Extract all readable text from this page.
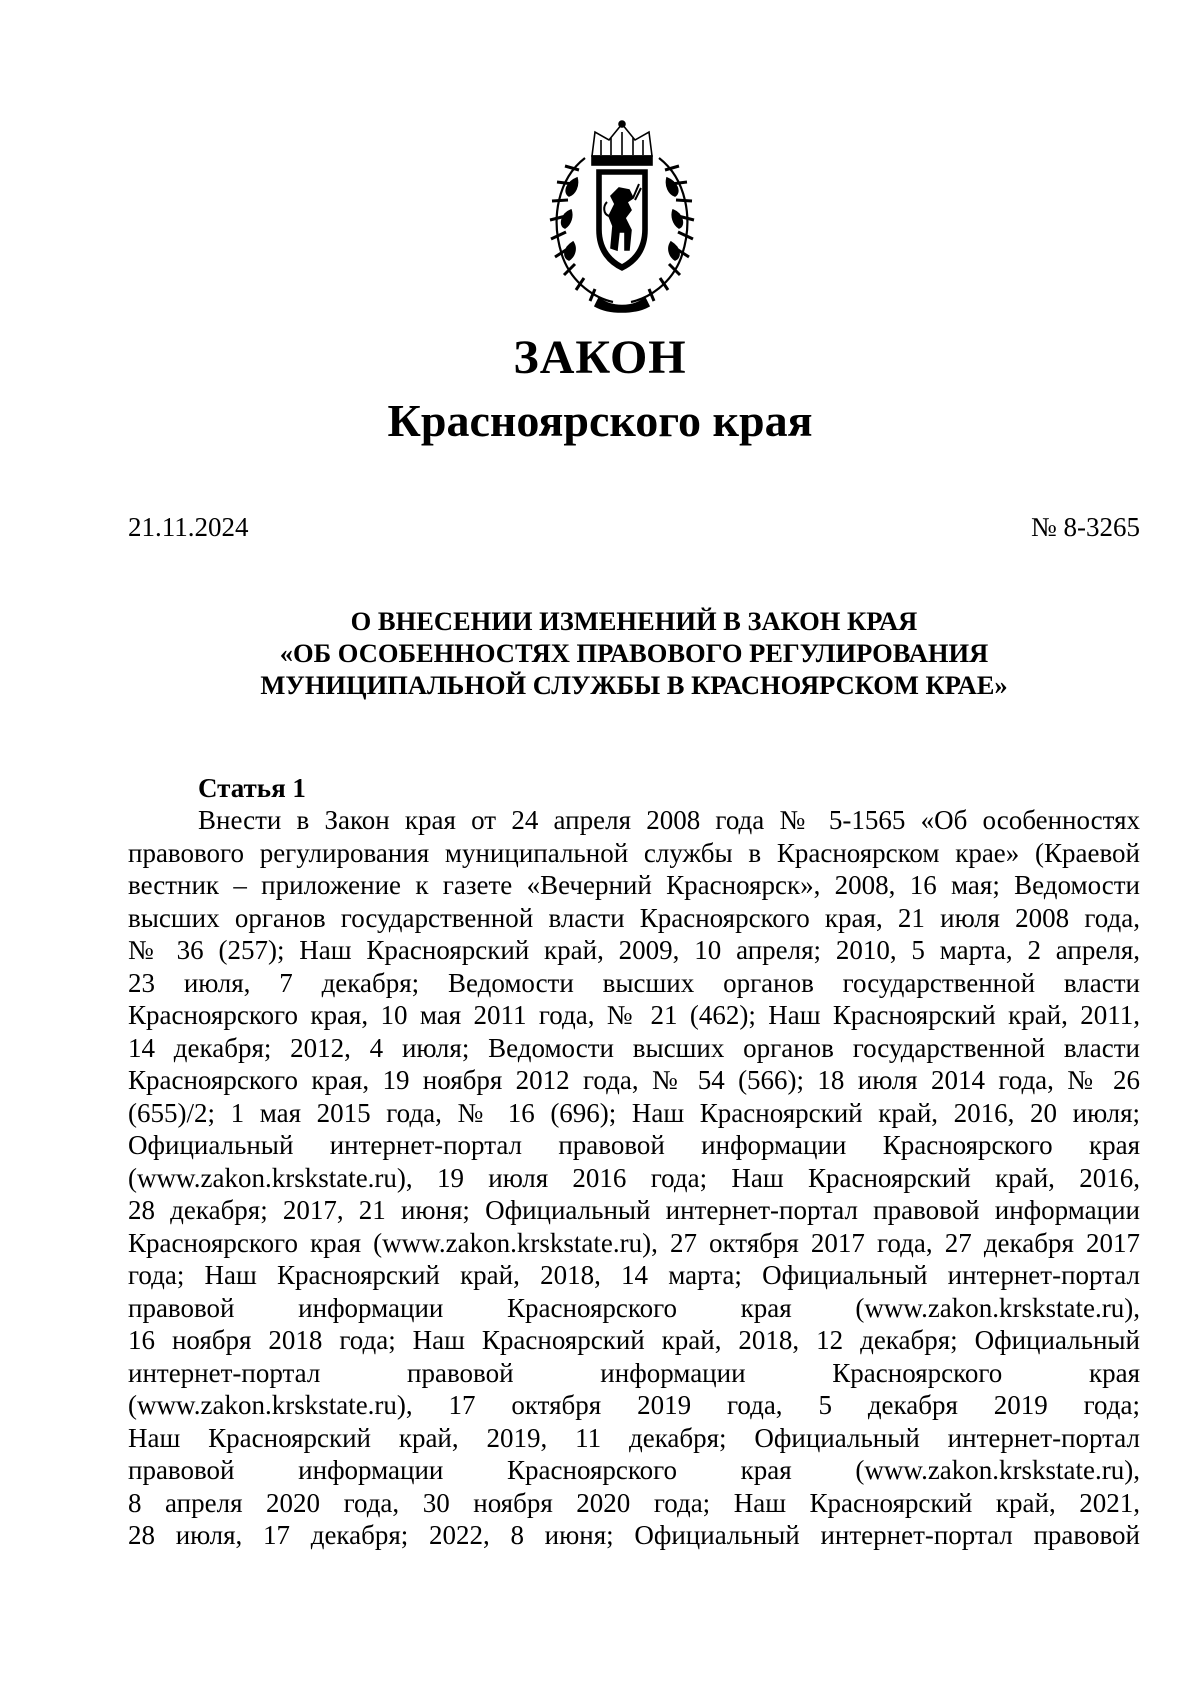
ЗАКОН
Красноярского края
21.11.2024	№ 8-3265
О ВНЕСЕНИИ ИЗМЕНЕНИЙ В ЗАКОН КРАЯ
«ОБ ОСОБЕННОСТЯХ ПРАВОВОГО РЕГУЛИРОВАНИЯ
МУНИЦИПАЛЬНОЙ СЛУЖБЫ В КРАСНОЯРСКОМ КРАЕ»
Статья 1
Внести в Закон края от 24 апреля 2008 года № 5-1565 «Об особенностях
правового регулирования муниципальной службы в Красноярском крае» (Краевой
вестник – приложение к газете «Вечерний Красноярск», 2008, 16 мая; Ведомости
высших органов государственной власти Красноярского края, 21 июля 2008 года,
№ 36 (257); Наш Красноярский край, 2009, 10 апреля; 2010, 5 марта, 2 апреля,
23 июля, 7 декабря; Ведомости высших органов государственной власти
Красноярского края, 10 мая 2011 года, № 21 (462); Наш Красноярский край, 2011,
14 декабря; 2012, 4 июля; Ведомости высших органов государственной власти
Красноярского края, 19 ноября 2012 года, № 54 (566); 18 июля 2014 года, № 26
(655)/2; 1 мая 2015 года, № 16 (696); Наш Красноярский край, 2016, 20 июля;
Официальный интернет-портал правовой информации Красноярского края
(www.zakon.krskstate.ru), 19 июля 2016 года; Наш Красноярский край, 2016,
28 декабря; 2017, 21 июня; Официальный интернет-портал правовой информации
Красноярского края (www.zakon.krskstate.ru), 27 октября 2017 года, 27 декабря 2017
года; Наш Красноярский край, 2018, 14 марта; Официальный интернет-портал
правовой информации Красноярского края (www.zakon.krskstate.ru),
16 ноября 2018 года; Наш Красноярский край, 2018, 12 декабря; Официальный
интернет-портал правовой информации Красноярского края
(www.zakon.krskstate.ru), 17 октября 2019 года, 5 декабря 2019 года;
Наш Красноярский край, 2019, 11 декабря; Официальный интернет-портал
правовой информации Красноярского края (www.zakon.krskstate.ru),
8 апреля 2020 года, 30 ноября 2020 года; Наш Красноярский край, 2021,
28 июля, 17 декабря; 2022, 8 июня; Официальный интернет-портал правовой
